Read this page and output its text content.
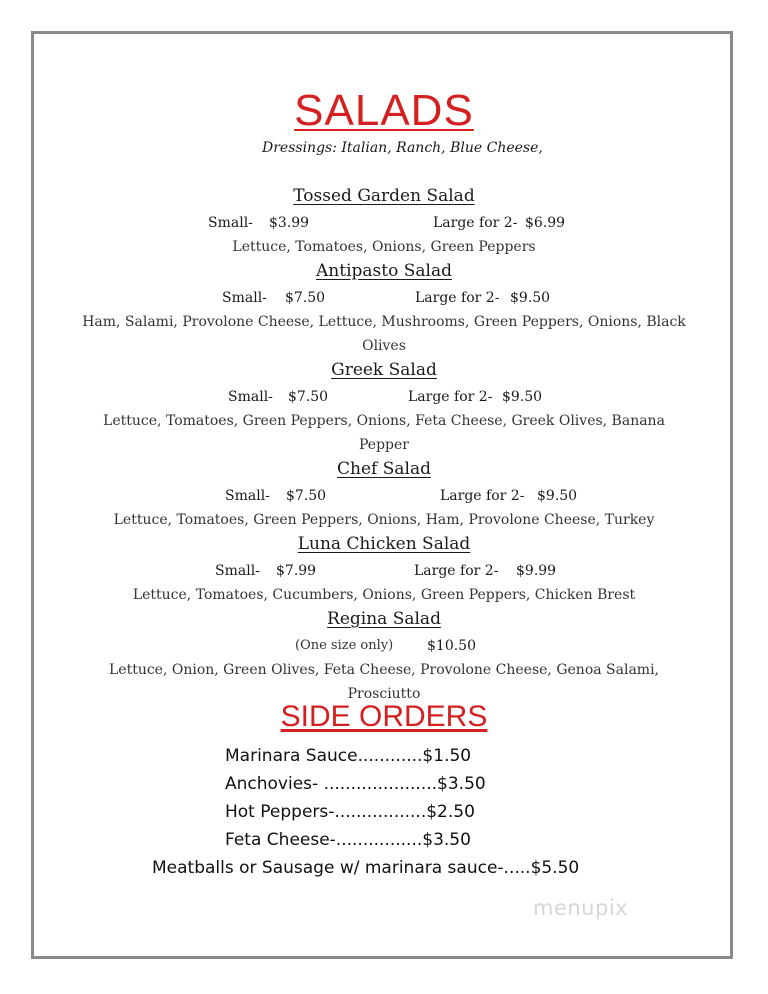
SALADS
Dressings: Italian, Ranch, Blue Cheese,
Tossed Garden Salad
Small- $3.99	Large for 2- $6.99
Lettuce, Tomatoes, Onions, Green Peppers
Antipasto Salad
Small- $7.50	Large for 2- $9.50
Ham, Salami, Provolone Cheese, Lettuce, Mushrooms, Green Peppers, Onions, Black
Olives
Greek Salad
Small- $7.50	Large for 2- $9.50
Lettuce, Tomatoes, Green Peppers, Onions, Feta Cheese, Greek Olives, Banana
Pepper
Chef Salad
Small- $7.50	Large for 2- $9.50
Lettuce, Tomatoes, Green Peppers, Onions, Ham, Provolone Cheese, Turkey
Luna Chicken Salad
Small- $7.99	Large for 2- $9.99
Lettuce, Tomatoes, Cucumbers, Onions, Green Peppers, Chicken Brest
Regina Salad
(One size only) $10.50
Lettuce, Onion, Green Olives, Feta Cheese, Provolone Cheese, Genoa Salami,
Prosciutto
SIDE ORDERS
Marinara Sauce............$1.50
Anchovies- .....................$3.50
Hot Peppers-.................$2.50
Feta Cheese-................$3.50
Meatballs or Sausage w/ marinara sauce-.....$5.50
menupix
